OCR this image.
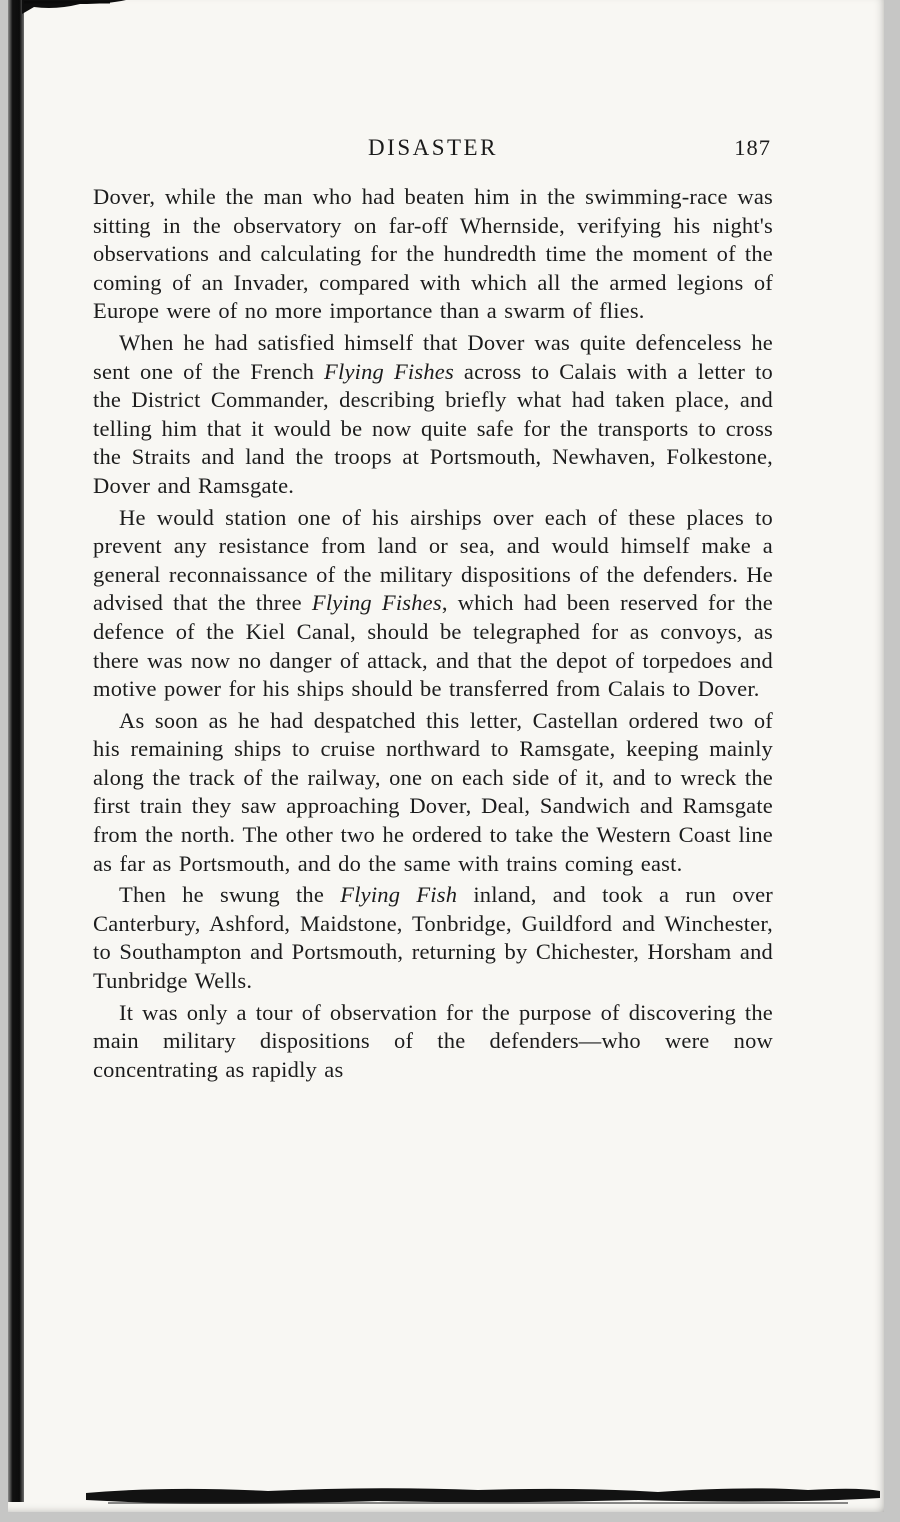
DISASTER	187

Dover, while the man who had beaten him in the swimming-race was sitting in the observatory on far-off Whernside, verifying his night's observations and calculating for the hundredth time the moment of the coming of an Invader, compared with which all the armed legions of Europe were of no more importance than a swarm of flies.

When he had satisfied himself that Dover was quite defenceless he sent one of the French Flying Fishes across to Calais with a letter to the District Commander, describing briefly what had taken place, and telling him that it would be now quite safe for the transports to cross the Straits and land the troops at Portsmouth, Newhaven, Folkestone, Dover and Ramsgate.

He would station one of his airships over each of these places to prevent any resistance from land or sea, and would himself make a general reconnaissance of the military dispositions of the defenders. He advised that the three Flying Fishes, which had been reserved for the defence of the Kiel Canal, should be telegraphed for as convoys, as there was now no danger of attack, and that the depot of torpedoes and motive power for his ships should be transferred from Calais to Dover.

As soon as he had despatched this letter, Castellan ordered two of his remaining ships to cruise northward to Ramsgate, keeping mainly along the track of the railway, one on each side of it, and to wreck the first train they saw approaching Dover, Deal, Sandwich and Ramsgate from the north. The other two he ordered to take the Western Coast line as far as Portsmouth, and do the same with trains coming east.

Then he swung the Flying Fish inland, and took a run over Canterbury, Ashford, Maidstone, Tonbridge, Guildford and Winchester, to Southampton and Portsmouth, returning by Chichester, Horsham and Tunbridge Wells.

It was only a tour of observation for the purpose of discovering the main military dispositions of the defenders—who were now concentrating as rapidly as
